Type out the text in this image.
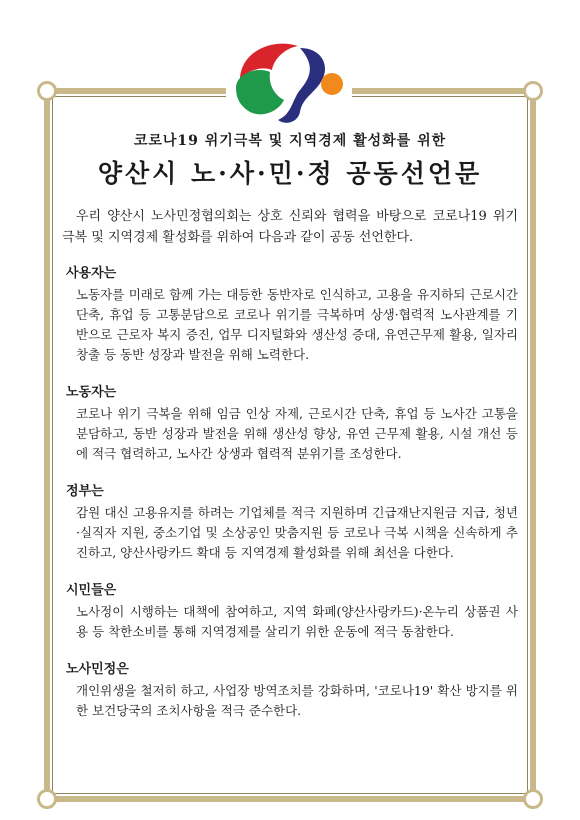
코로나19 위기극복 및 지역경제 활성화를 위한

양산시 노·사·민·정 공동선언문

우리 양산시 노사민정협의회는 상호 신뢰와 협력을 바탕으로 코로나19 위기 극복 및 지역경제 활성화를 위하여 다음과 같이 공동 선언한다.

사용자는

노동자를 미래로 함께 가는 대등한 동반자로 인식하고, 고용을 유지하되 근로시간 단축, 휴업 등 고통분담으로 코로나 위기를 극복하며 상생·협력적 노사관계를 기반으로 근로자 복지 증진, 업무 디지털화와 생산성 증대, 유연근무제 활용, 일자리 창출 등 동반 성장과 발전을 위해 노력한다.

노동자는

코로나 위기 극복을 위해 임금 인상 자제, 근로시간 단축, 휴업 등 노사간 고통을 분담하고, 동반 성장과 발전을 위해 생산성 향상, 유연 근무제 활용, 시설 개선 등에 적극 협력하고, 노사간 상생과 협력적 분위기를 조성한다.

정부는

감원 대신 고용유지를 하려는 기업체를 적극 지원하며 긴급재난지원금 지급, 청년·실직자 지원, 중소기업 및 소상공인 맞춤지원 등 코로나 극복 시책을 신속하게 추진하고, 양산사랑카드 확대 등 지역경제 활성화를 위해 최선을 다한다.

시민들은

노사정이 시행하는 대책에 참여하고, 지역 화폐(양산사랑카드)·온누리 상품권 사용 등 착한소비를 통해 지역경제를 살리기 위한 운동에 적극 동참한다.

노사민정은

개인위생을 철저히 하고, 사업장 방역조치를 강화하며, '코로나19' 확산 방지를 위한 보건당국의 조치사항을 적극 준수한다.
